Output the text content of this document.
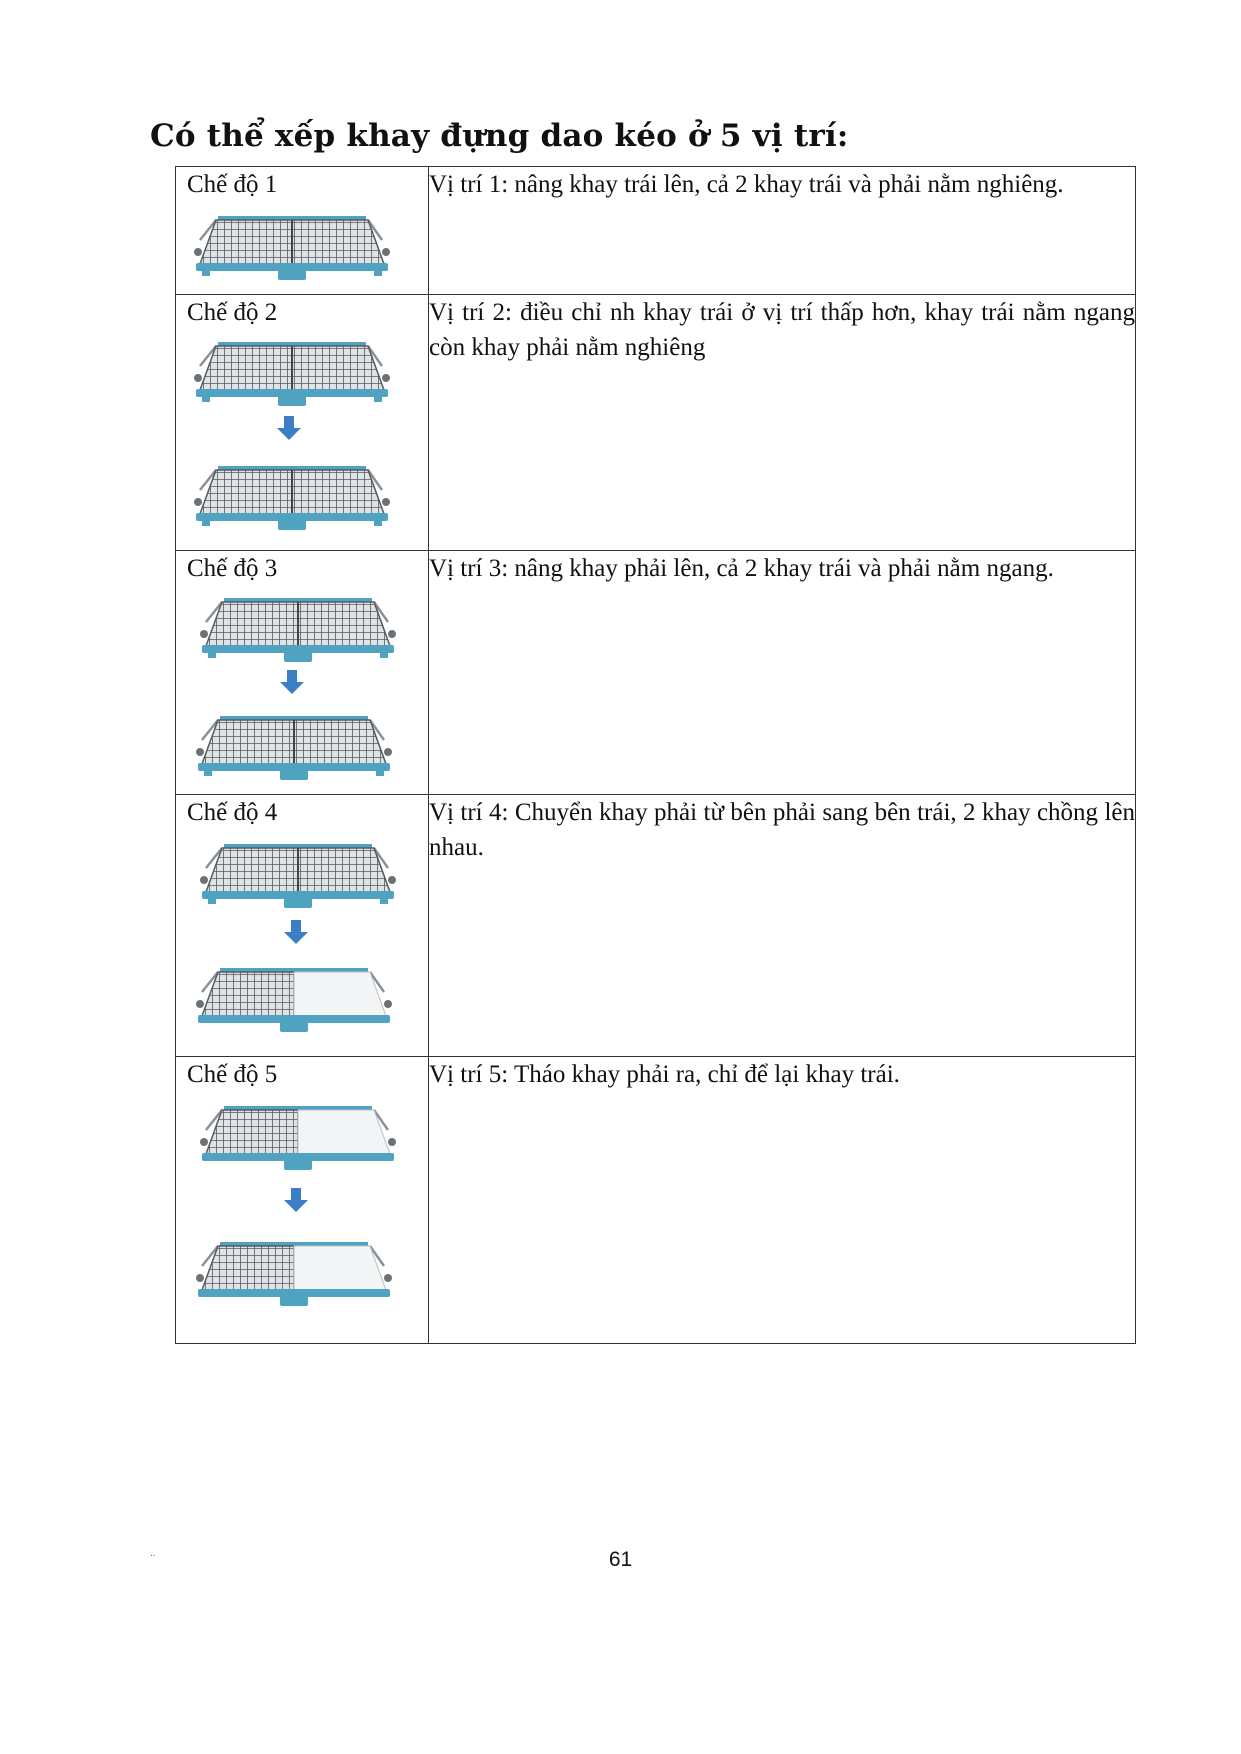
Có thể xếp khay đựng dao kéo ở 5 vị trí:
Chế độ 1	Vị trí 1: nâng khay trái lên, cả 2 khay trái và phải nằm nghiêng.

Chế độ 2	Vị trí 2: điều chỉ nh khay trái ở vị trí thấp hơn, khay trái nằm ngang còn khay phải nằm nghiêng

Chế độ 3	Vị trí 3: nâng khay phải lên, cả 2 khay trái và phải nằm ngang.

Chế độ 4	Vị trí 4: Chuyển khay phải từ bên phải sang bên trái, 2 khay chồng lên nhau.

Chế độ 5	Vị trí 5: Tháo khay phải ra, chỉ để lại khay trái.
..	61
